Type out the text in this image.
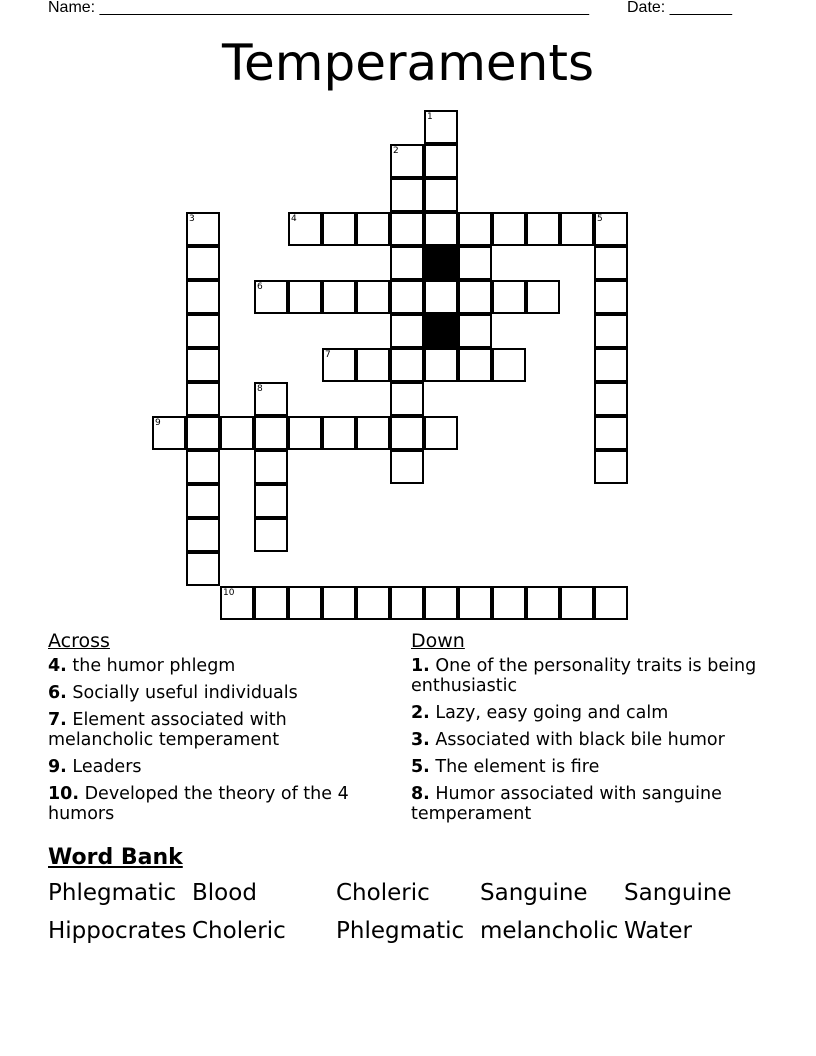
Name: _______________________________________________________ Date: _______
Temperaments
1
2
3	4	5
6
7
8
9
10
Across
4. the humor phlegm
6. Socially useful individuals
7. Element associated with melancholic temperament
9. Leaders
10. Developed the theory of the 4 humors
Down
1. One of the personality traits is being enthusiastic
2. Lazy, easy going and calm
3. Associated with black bile humor
5. The element is fire
8. Humor associated with sanguine temperament
Word Bank
Phlegmatic Blood	Choleric	Sanguine	Sanguine
Hippocrates Choleric	Phlegmatic melancholic Water
